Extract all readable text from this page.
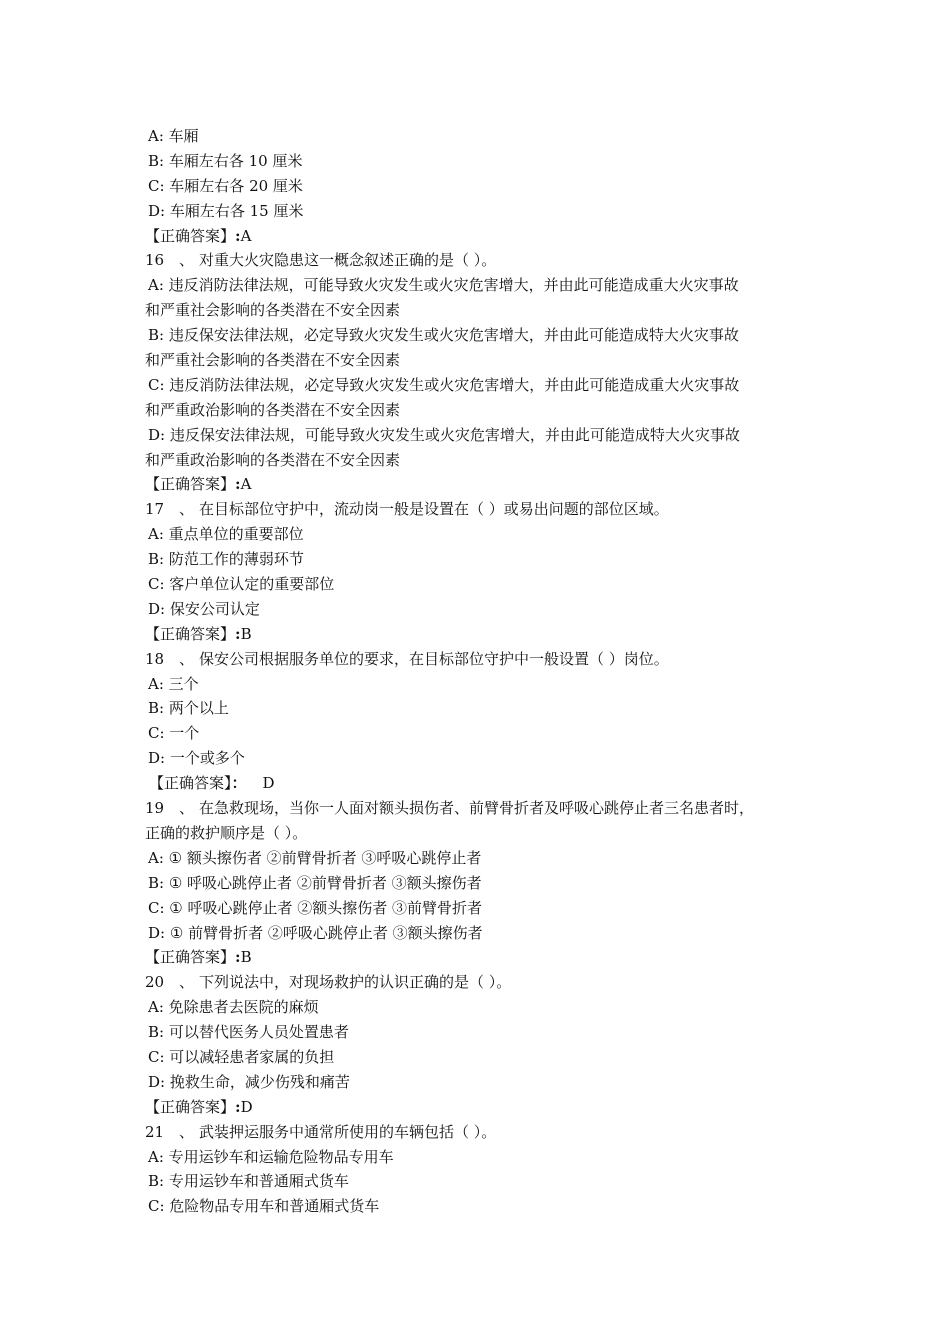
A: 车厢
B: 车厢左右各 10 厘米
C: 车厢左右各 20 厘米
D: 车厢左右各 15 厘米
【正确答案】:A
16 、 对重大火灾隐患这一概念叙述正确的是（ ）。
A: 违反消防法律法规，可能导致火灾发生或火灾危害增大，并由此可能造成重大火灾事故
和严重社会影响的各类潜在不安全因素
B: 违反保安法律法规，必定导致火灾发生或火灾危害增大，并由此可能造成特大火灾事故
和严重社会影响的各类潜在不安全因素
C: 违反消防法律法规，必定导致火灾发生或火灾危害增大，并由此可能造成重大火灾事故
和严重政治影响的各类潜在不安全因素
D: 违反保安法律法规，可能导致火灾发生或火灾危害增大，并由此可能造成特大火灾事故
和严重政治影响的各类潜在不安全因素
【正确答案】:A
17 、 在目标部位守护中，流动岗一般是设置在（ ）或易出问题的部位区域。
A: 重点单位的重要部位
B: 防范工作的薄弱环节
C: 客户单位认定的重要部位
D: 保安公司认定
【正确答案】:B
18 、 保安公司根据服务单位的要求，在目标部位守护中一般设置（ ）岗位。
A: 三个
B: 两个以上
C: 一个
D: 一个或多个
【正确答案】： D
19 、 在急救现场，当你一人面对额头损伤者、前臂骨折者及呼吸心跳停止者三名患者时，
正确的救护顺序是（ ）。
A: ① 额头擦伤者 ②前臂骨折者 ③呼吸心跳停止者
B: ① 呼吸心跳停止者 ②前臂骨折者 ③额头擦伤者
C: ① 呼吸心跳停止者 ②额头擦伤者 ③前臂骨折者
D: ① 前臂骨折者 ②呼吸心跳停止者 ③额头擦伤者
【正确答案】:B
20 、 下列说法中，对现场救护的认识正确的是（ ）。
A: 免除患者去医院的麻烦
B: 可以替代医务人员处置患者
C: 可以减轻患者家属的负担
D: 挽救生命，减少伤残和痛苦
【正确答案】:D
21 、 武装押运服务中通常所使用的车辆包括（ ）。
A: 专用运钞车和运输危险物品专用车
B: 专用运钞车和普通厢式货车
C: 危险物品专用车和普通厢式货车
